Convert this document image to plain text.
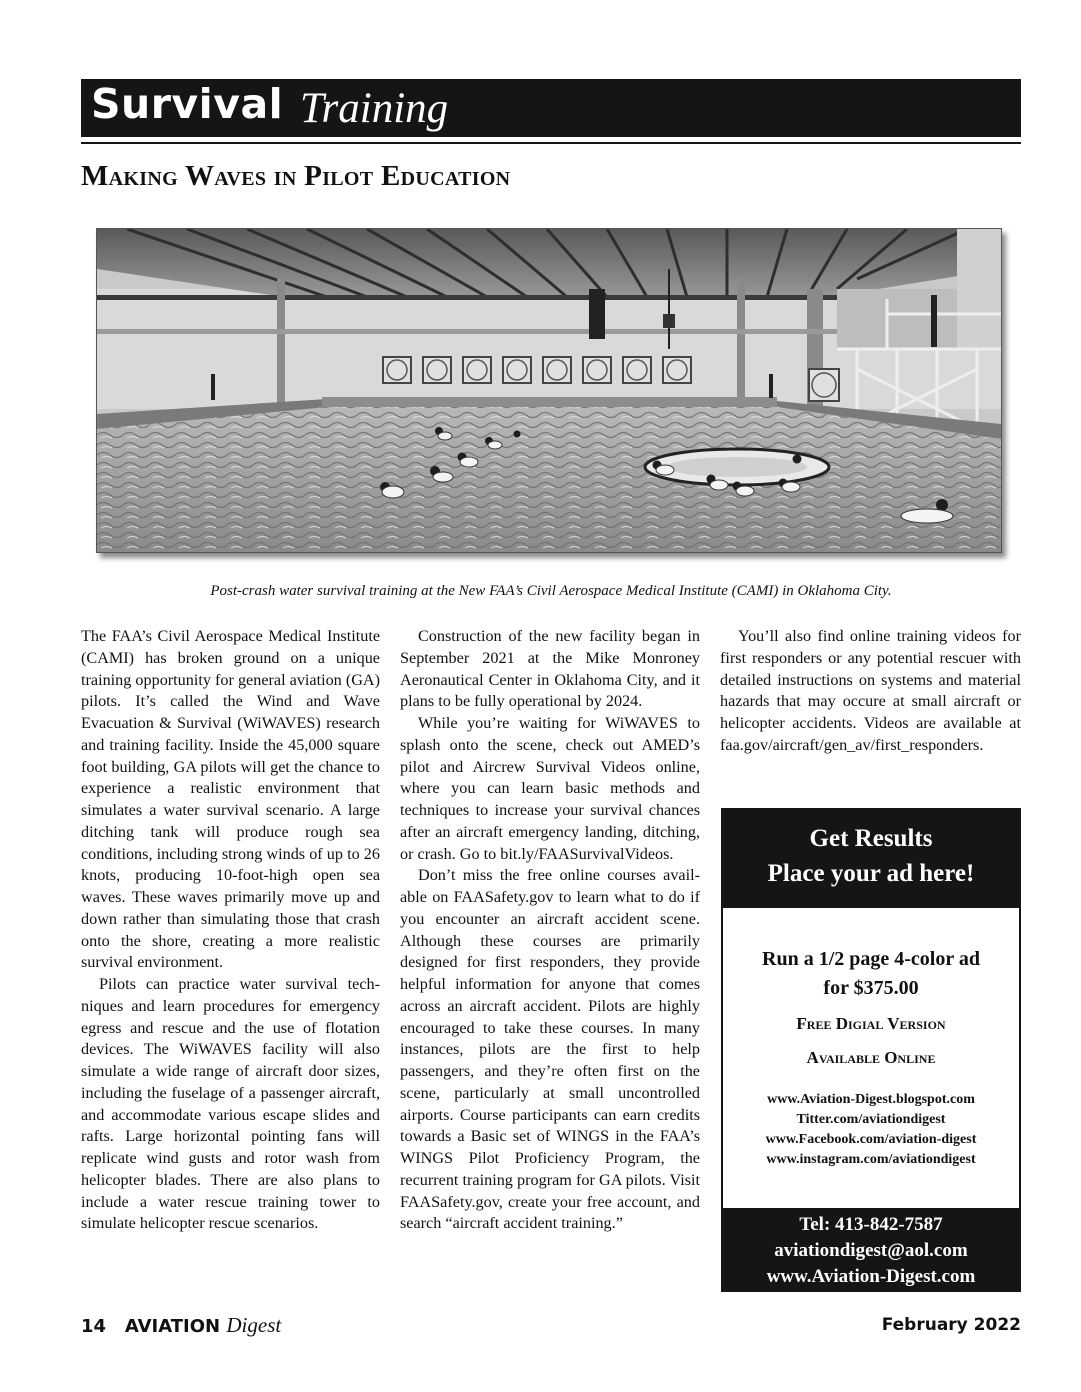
Survival Training
Making Waves in Pilot Education
Post-crash water survival training at the New FAA’s Civil Aerospace Medical Institute (CAMI) in Oklahoma City.

The FAA’s Civil Aerospace Medical Institute (CAMI) has broken ground on a unique training opportunity for general aviation (GA) pilots. It’s called the Wind and Wave Evacuation & Survival (WiWAVES) research and training facility. Inside the 45,000 square foot building, GA pilots will get the chance to experience a realistic environment that simulates a water survival scenario. A large ditching tank will produce rough sea conditions, including strong winds of up to 26 knots, producing 10-foot-high open sea waves. These waves primarily move up and down rather than simulating those that crash onto the shore, creating a more realistic survival environment.

Pilots can practice water survival techniques and learn procedures for emergency egress and rescue and the use of flotation devices. The WiWAVES facility will also simulate a wide range of aircraft door sizes, including the fuselage of a passenger aircraft, and accommodate various escape slides and rafts. Large horizontal pointing fans will replicate wind gusts and rotor wash from helicopter blades. There are also plans to include a water rescue training tower to simulate helicopter rescue scenarios.

Construction of the new facility began in September 2021 at the Mike Monroney Aeronautical Center in Oklahoma City, and it plans to be fully operational by 2024.

While you’re waiting for WiWAVES to splash onto the scene, check out AMED’s pilot and Aircrew Survival Videos online, where you can learn basic methods and techniques to increase your survival chances after an aircraft emergency landing, ditching, or crash. Go to bit.ly/FAASurvivalVideos.

Don’t miss the free online courses available on FAASafety.gov to learn what to do if you encounter an aircraft accident scene. Although these courses are primarily designed for first responders, they provide helpful information for anyone that comes across an aircraft accident. Pilots are highly encouraged to take these courses. In many instances, pilots are the first to help passengers, and they’re often first on the scene, particularly at small uncontrolled airports. Course participants can earn credits towards a Basic set of WINGS in the FAA’s WINGS Pilot Proficiency Program, the recurrent training program for GA pilots. Visit FAASafety.gov, create your free account, and search “aircraft accident training.”

You’ll also find online training videos for first responders or any potential rescuer with detailed instructions on systems and material hazards that may occure at small aircraft or helicopter accidents. Videos are available at faa.gov/aircraft/gen_av/first_responders.

Get Results
Place your ad here!
Run a 1/2 page 4-color ad
for $375.00
Free Digial Version
Available Online
www.Aviation-Digest.blogspot.com
Titter.com/aviationdigest
www.Facebook.com/aviation-digest
www.instagram.com/aviationdigest
Tel: 413-842-7587
aviationdigest@aol.com
www.Aviation-Digest.com
14 AVIATION Digest	February 2022
